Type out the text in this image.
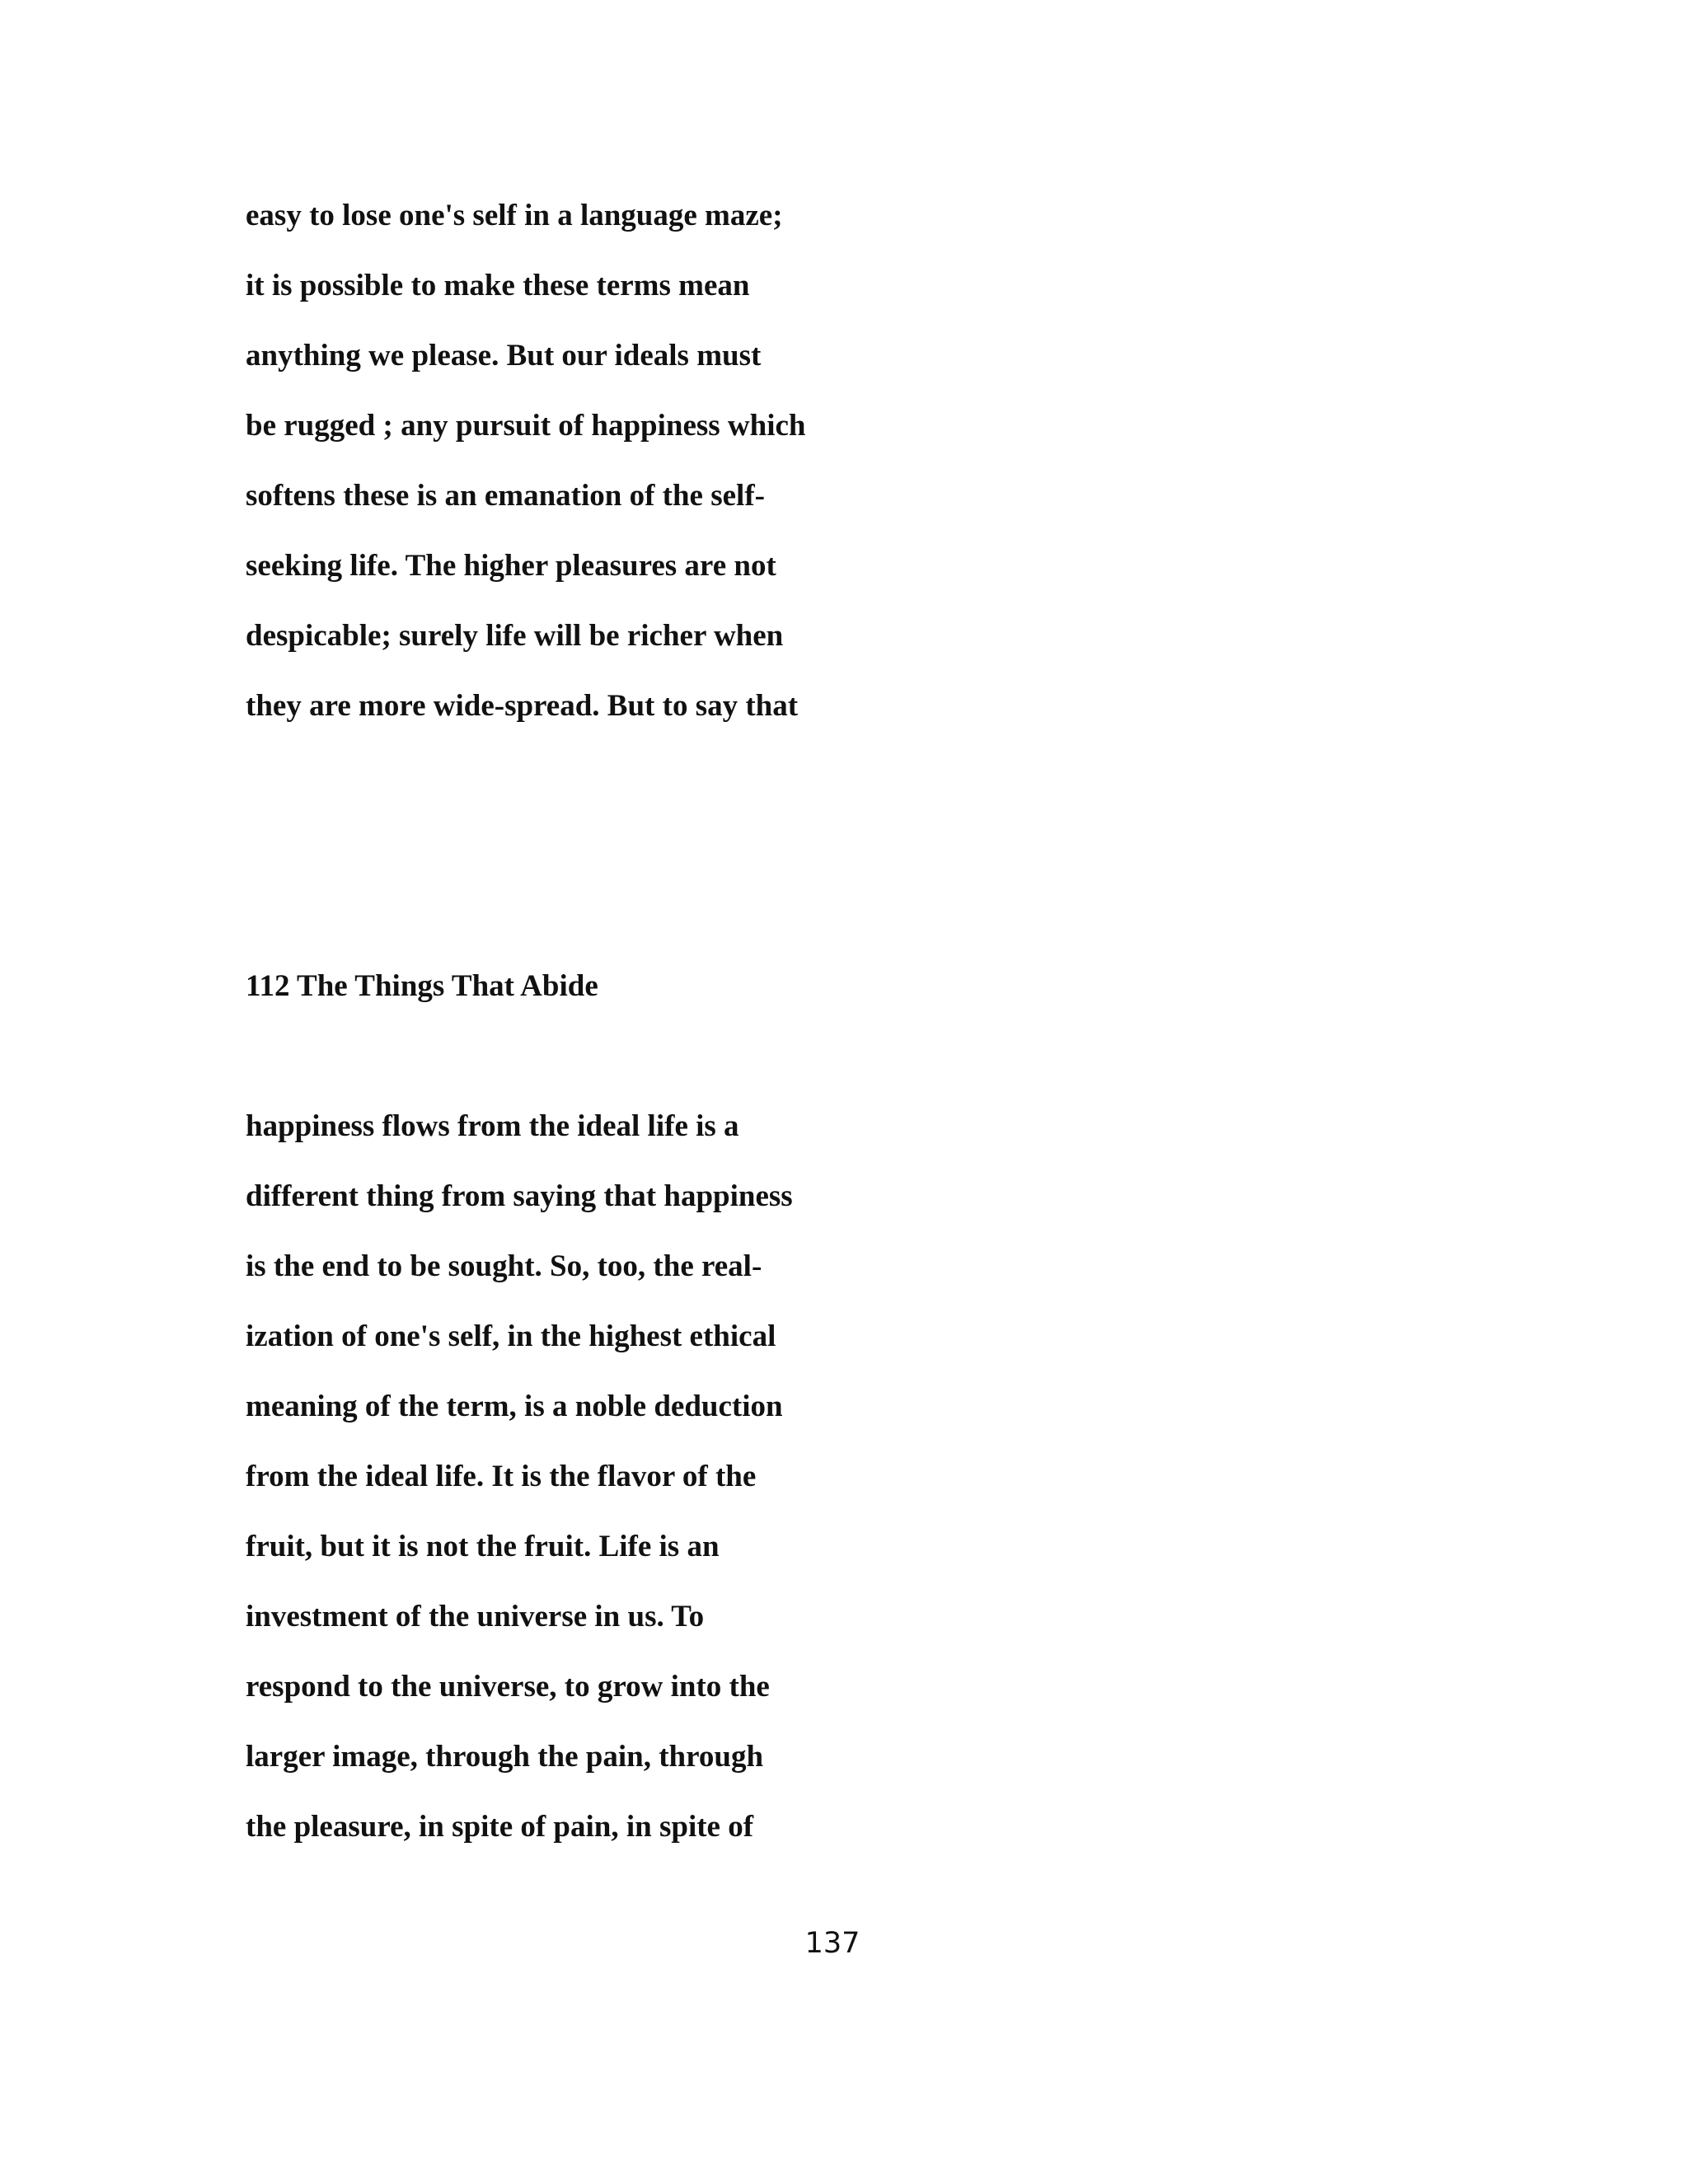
easy to lose one's self in a language maze;
it is possible to make these terms mean
anything we please. But our ideals must
be rugged ; any pursuit of happiness which
softens these is an emanation of the self-
seeking life. The higher pleasures are not
despicable; surely life will be richer when
they are more wide-spread. But to say that
112 The Things That Abide
happiness flows from the ideal life is a
different thing from saying that happiness
is the end to be sought. So, too, the real-
ization of one's self, in the highest ethical
meaning of the term, is a noble deduction
from the ideal life. It is the flavor of the
fruit, but it is not the fruit. Life is an
investment of the universe in us. To
respond to the universe, to grow into the
larger image, through the pain, through
the pleasure, in spite of pain, in spite of
137
